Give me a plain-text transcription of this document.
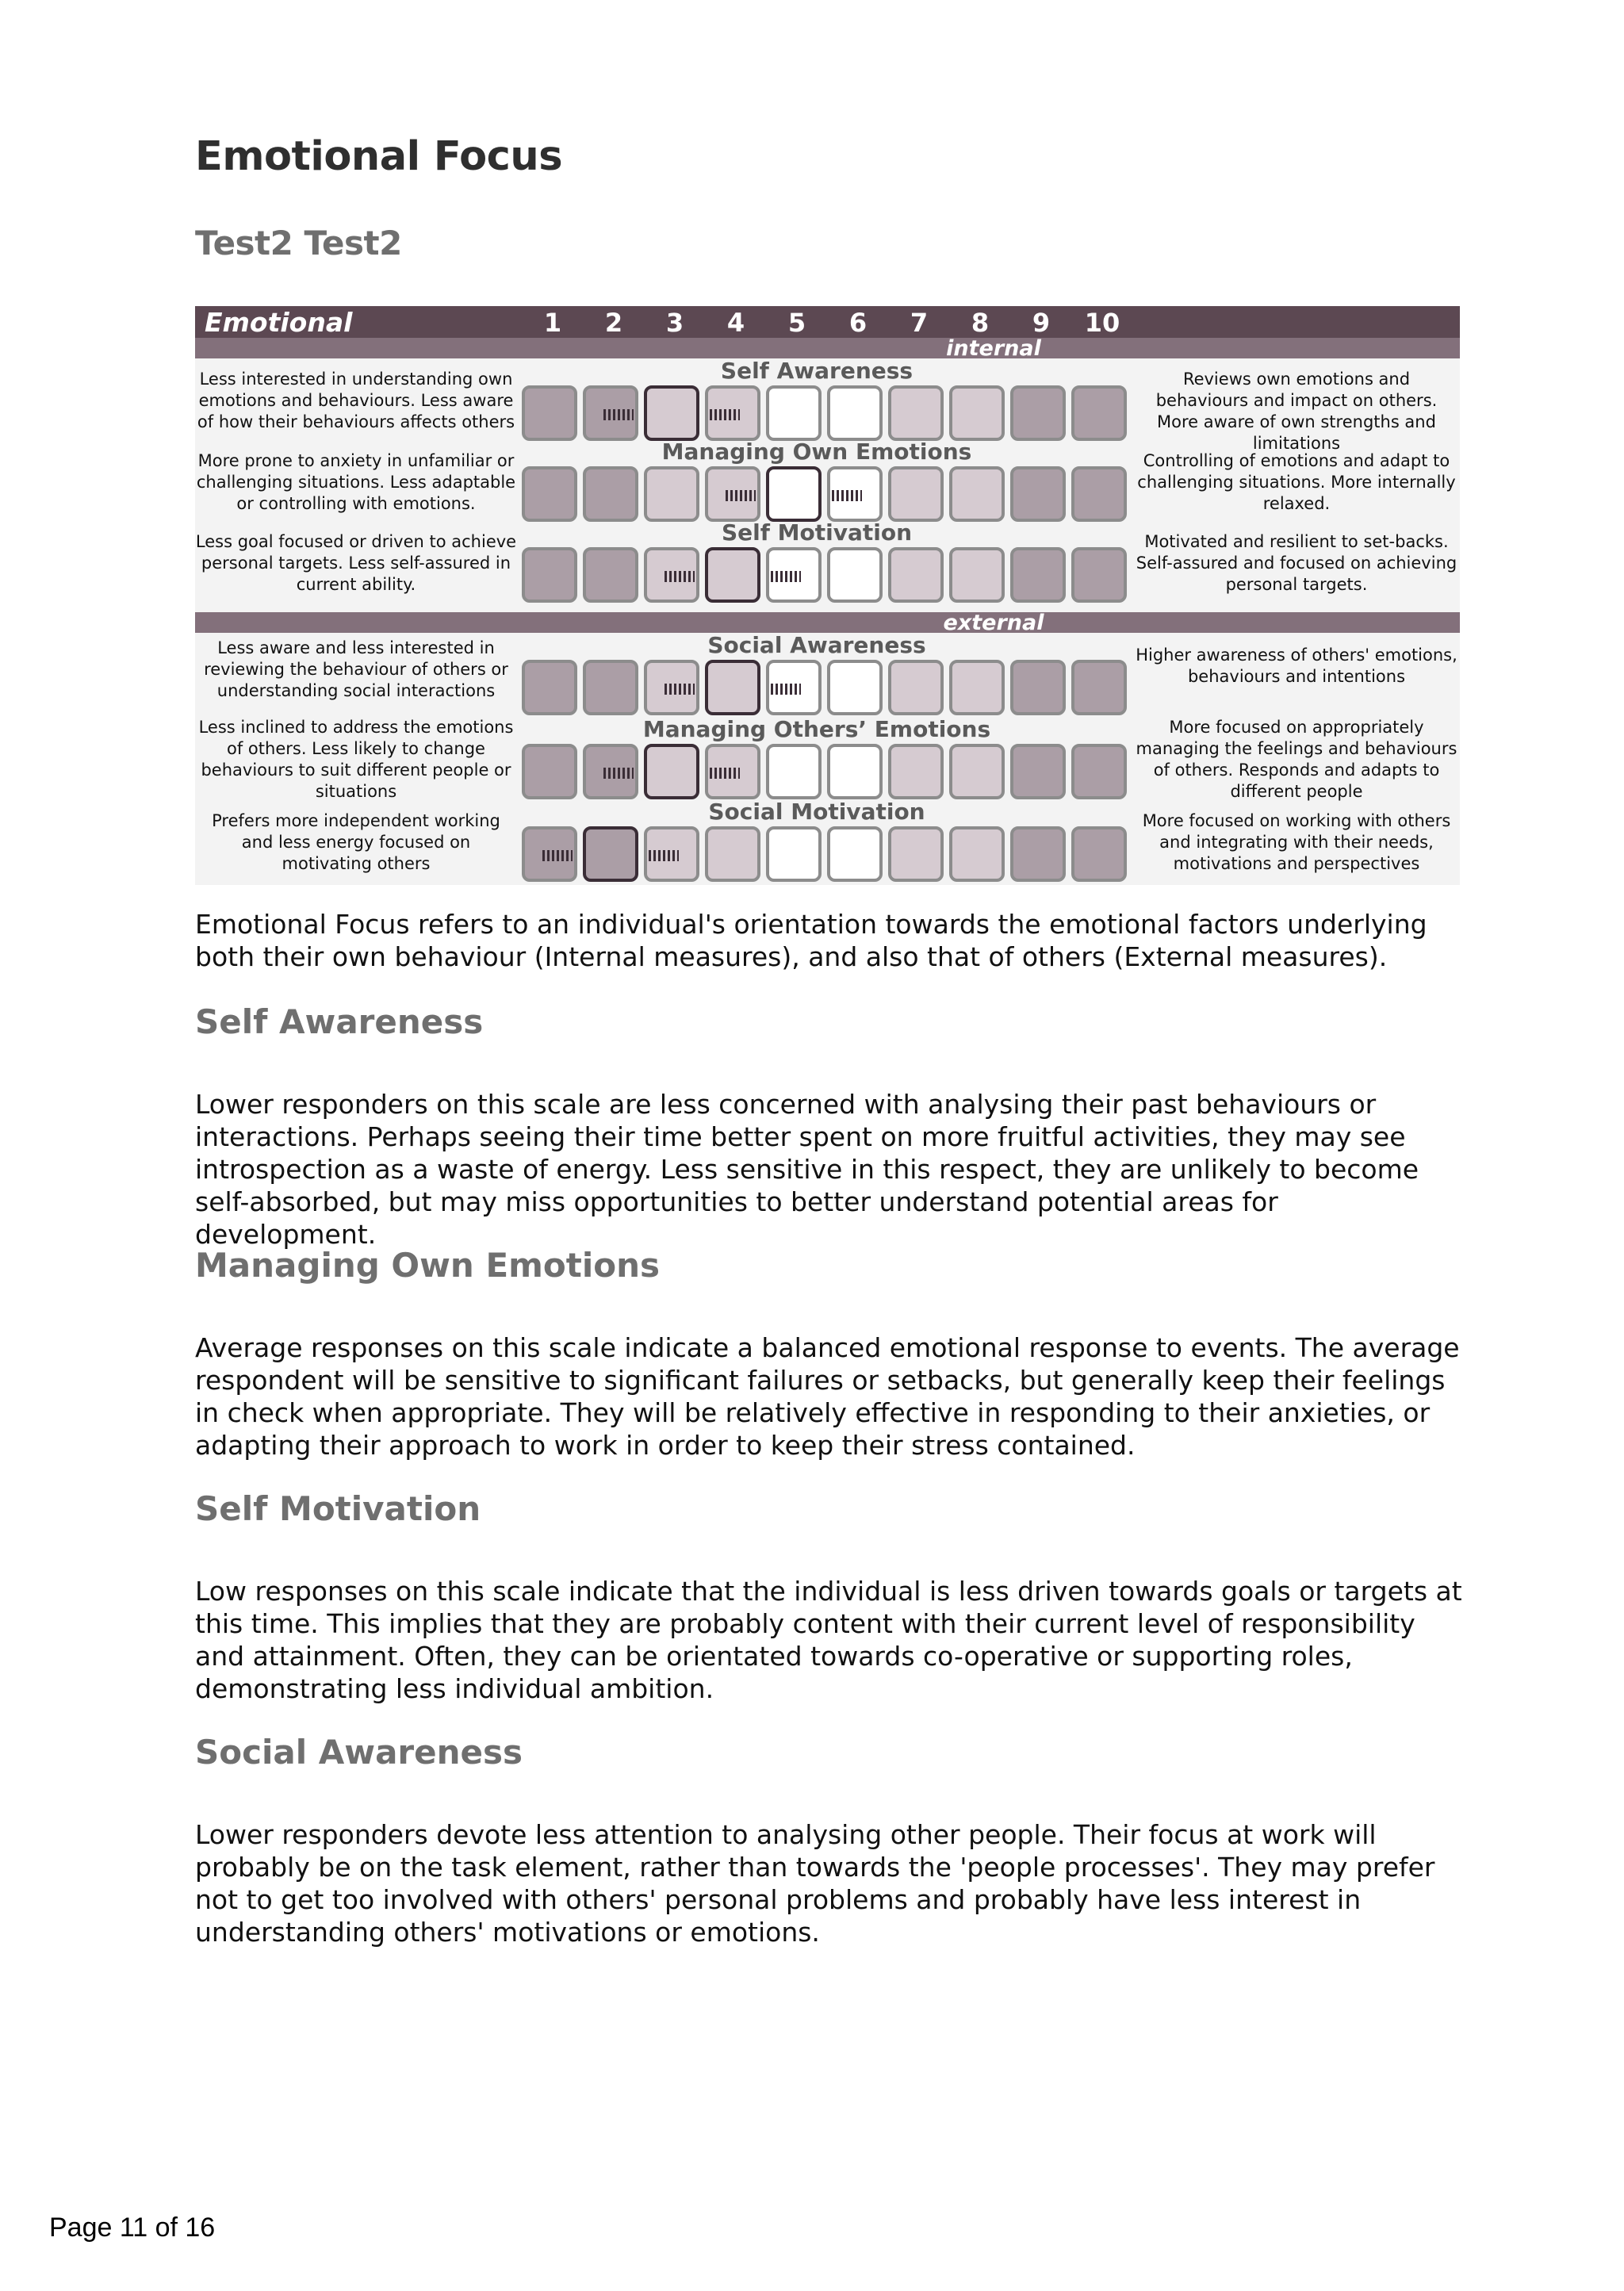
Emotional Focus
Test2 Test2
Emotional	1	2	3	4	5	6	7	8	9	10
internal
Self Awareness
Less interested in understanding own emotions and behaviours. Less aware of how their behaviours affects others
Reviews own emotions and behaviours and impact on others. More aware of own strengths and limitations
Managing Own Emotions
More prone to anxiety in unfamiliar or challenging situations. Less adaptable or controlling with emotions.
Controlling of emotions and adapt to challenging situations. More internally relaxed.
Self Motivation
Less goal focused or driven to achieve personal targets. Less self-assured in current ability.
Motivated and resilient to set-backs. Self-assured and focused on achieving personal targets.
external
Social Awareness
Less aware and less interested in reviewing the behaviour of others or understanding social interactions
Higher awareness of others' emotions, behaviours and intentions
Managing Others’ Emotions
Less inclined to address the emotions of others. Less likely to change behaviours to suit different people or situations
More focused on appropriately managing the feelings and behaviours of others. Responds and adapts to different people
Social Motivation
Prefers more independent working and less energy focused on motivating others
More focused on working with others and integrating with their needs, motivations and perspectives

Emotional Focus refers to an individual's orientation towards the emotional factors underlying both their own behaviour (Internal measures), and also that of others (External measures).

Self Awareness

Lower responders on this scale are less concerned with analysing their past behaviours or interactions. Perhaps seeing their time better spent on more fruitful activities, they may see introspection as a waste of energy. Less sensitive in this respect, they are unlikely to become self-absorbed, but may miss opportunities to better understand potential areas for development.

Managing Own Emotions

Average responses on this scale indicate a balanced emotional response to events. The average respondent will be sensitive to significant failures or setbacks, but generally keep their feelings in check when appropriate. They will be relatively effective in responding to their anxieties, or adapting their approach to work in order to keep their stress contained.

Self Motivation

Low responses on this scale indicate that the individual is less driven towards goals or targets at this time. This implies that they are probably content with their current level of responsibility and attainment. Often, they can be orientated towards co-operative or supporting roles, demonstrating less individual ambition.

Social Awareness

Lower responders devote less attention to analysing other people. Their focus at work will probably be on the task element, rather than towards the 'people processes'. They may prefer not to get too involved with others' personal problems and probably have less interest in understanding others' motivations or emotions.

Page 11 of 16
